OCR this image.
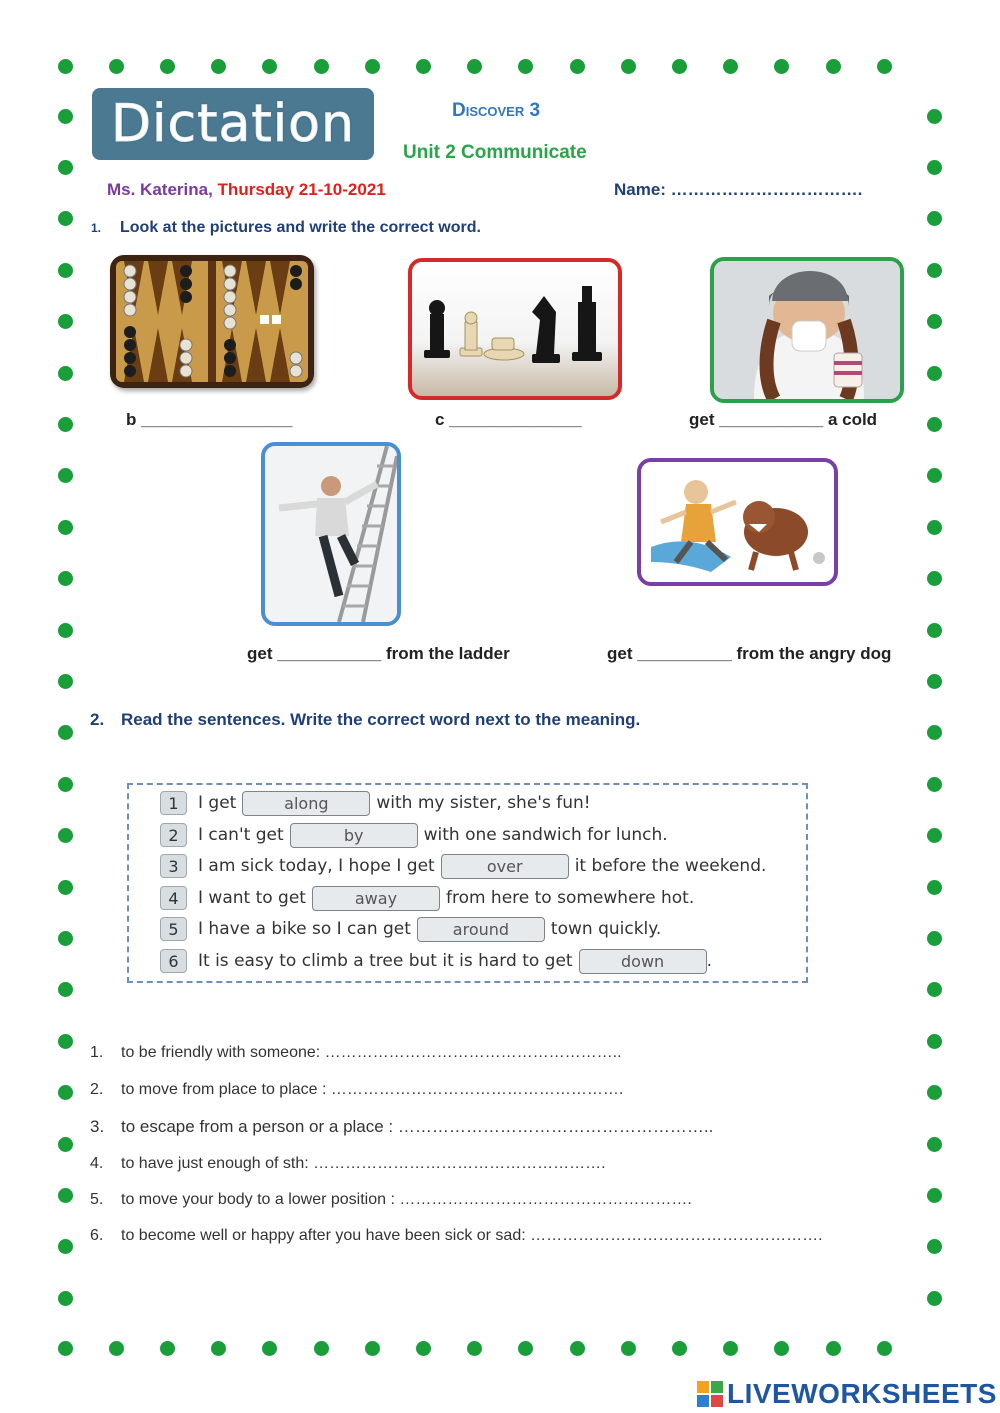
Dictation	Discover 3
Unit 2 Communicate
Ms. Katerina, Thursday 21-10-2021	Name: …………………………….
1. Look at the pictures and write the correct word.
b ________________	c ______________	get ___________ a cold
get ___________ from the ladder	get __________ from the angry dog
2. Read the sentences. Write the correct word next to the meaning.
1	I get	along	with my sister, she's fun!
2	I can't get	by	with one sandwich for lunch.
3	I am sick today, I hope I get	over	it before the weekend.
4	I want to get	away	from here to somewhere hot.
5	I have a bike so I can get	around	town quickly.
6	It is easy to climb a tree but it is hard to get	down	.
1. to be friendly with someone: ………………………………………………..
2. to move from place to place : ……………………………………………….
3. to escape from a person or a place : ………………………………………………..
4. to have just enough of sth: ……………………………………………….
5. to move your body to a lower position : ……………………………………………….
6. to become well or happy after you have been sick or sad: ……………………………………………….
LIVEWORKSHEETS
